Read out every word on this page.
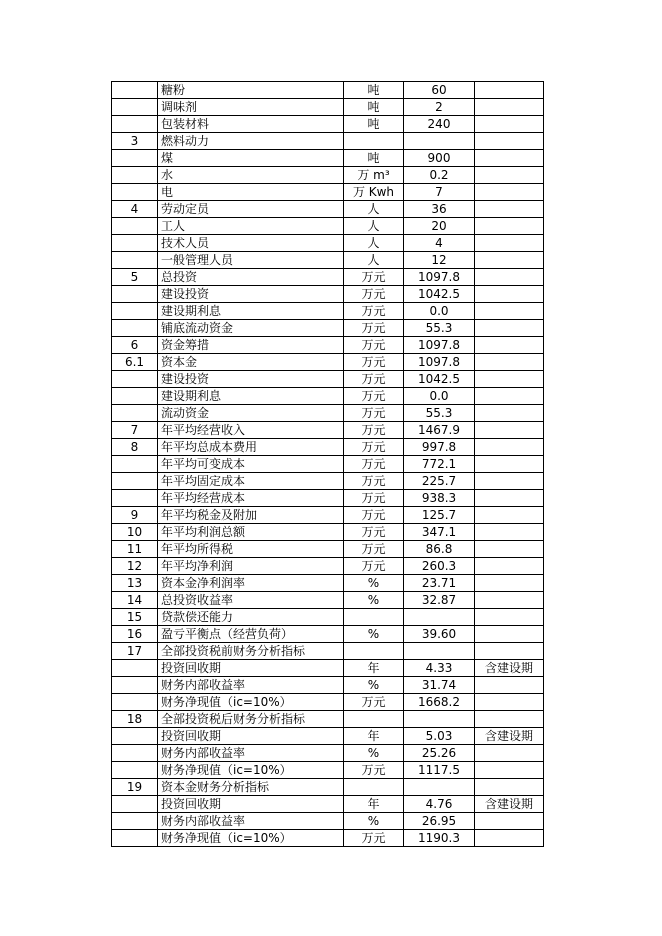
	糖粉	吨	60	
	调味剂	吨	2	
	包装材料	吨	240	
3	燃料动力			
	煤	吨	900	
	水	万 m³	0.2	
	电	万 Kwh	7	
4	劳动定员	人	36	
	工人	人	20	
	技术人员	人	4	
	一般管理人员	人	12	
5	总投资	万元	1097.8	
	建设投资	万元	1042.5	
	建设期利息	万元	0.0	
	铺底流动资金	万元	55.3	
6	资金筹措	万元	1097.8	
6.1	资本金	万元	1097.8	
	建设投资	万元	1042.5	
	建设期利息	万元	0.0	
	流动资金	万元	55.3	
7	年平均经营收入	万元	1467.9	
8	年平均总成本费用	万元	997.8	
	年平均可变成本	万元	772.1	
	年平均固定成本	万元	225.7	
	年平均经营成本	万元	938.3	
9	年平均税金及附加	万元	125.7	
10	年平均利润总额	万元	347.1	
11	年平均所得税	万元	86.8	
12	年平均净利润	万元	260.3	
13	资本金净利润率	%	23.71	
14	总投资收益率	%	32.87	
15	贷款偿还能力			
16	盈亏平衡点（经营负荷）	%	39.60	
17	全部投资税前财务分析指标			
	投资回收期	年	4.33	含建设期
	财务内部收益率	%	31.74	
	财务净现值（ic=10%）	万元	1668.2	
18	全部投资税后财务分析指标			
	投资回收期	年	5.03	含建设期
	财务内部收益率	%	25.26	
	财务净现值（ic=10%）	万元	1117.5	
19	资本金财务分析指标			
	投资回收期	年	4.76	含建设期
	财务内部收益率	%	26.95	
	财务净现值（ic=10%）	万元	1190.3	
